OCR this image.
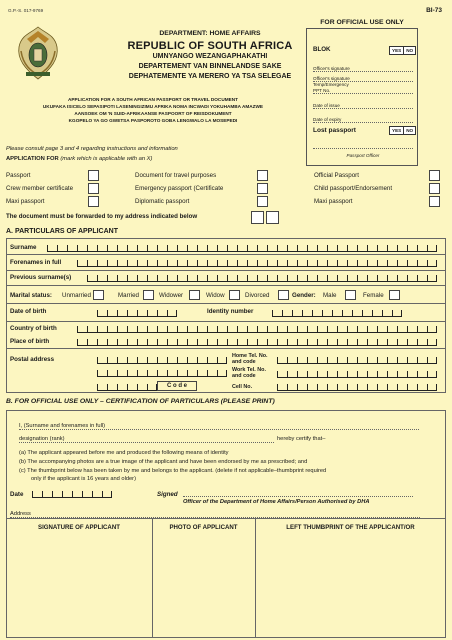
G.P.-S. 017-9769	BI-73
DEPARTMENT: HOME AFFAIRS
REPUBLIC OF SOUTH AFRICA
UMNYANGO WEZANGAPHAKATHI
DEPARTEMENT VAN BINNELANDSE SAKE
DEPHATEMENTE YA MERERO YA TSA SELEGAE
APPLICATION FOR A SOUTH AFRICAN PASSPORT OR TRAVEL DOCUMENT
UKUFAKA ISICELO SEPASIPOTI LASENINGIZIMU AFRIKA NOMA INCWADI YOKUHAMBA AMAZWE
AANSOEK OM 'N SUID-AFRIKAANSE PASPOORT OF REISDOKUMENT
KGOPELO YA GO GWETSA PASPOROTO GOBA LENGWALO LA MOSEPEDI
FOR OFFICIAL USE ONLY
BLOK	YES	NO
Officer's signature
Officer's signature
Temp/Emergency
PPT No.
Date of issue
Date of expiry
Lost passport	YES	NO
Passport Officer
Please consult page 3 and 4 regarding instructions and information
APPLICATION FOR (mark which is applicable with an X)
Passport	Document for travel purposes	Official Passport
Crew member certificate	Emergency passport (Certificate	Child passport/Endorsement
Maxi passport	Diplomatic passport	Maxi passport
The document must be forwarded to my address indicated below
A. PARTICULARS OF APPLICANT
Surname
Forenames in full
Previous surname(s)
Marital status: Unmarried	Married	Widower	Widow	Divorced	Gender: Male	Female
Date of birth	Identity number
Country of birth
Place of birth
Postal address
C o d e
Home Tel. No.
and code
Work Tel. No.
and code
Cell No.
B. FOR OFFICIAL USE ONLY – CERTIFICATION OF PARTICULARS (PLEASE PRINT)
I, (Surname and forenames in full)
designation (rank)	hereby certify that–
(a) The applicant appeared before me and produced the following means of identity
(b) The accompanying photos are a true image of the applicant and have been endorsed by me as prescribed; and
(c) The thumbprint below has been taken by me and belongs to the applicant. (delete if not applicable–thumbprint required
only if the applicant is 16 years and older)
Date	Signed
Officer of the Department of Home Affairs/Person Authorised by DHA
Address
SIGNATURE OF APPLICANT	PHOTO OF APPLICANT	LEFT THUMBPRINT OF THE APPLICANT/OR
